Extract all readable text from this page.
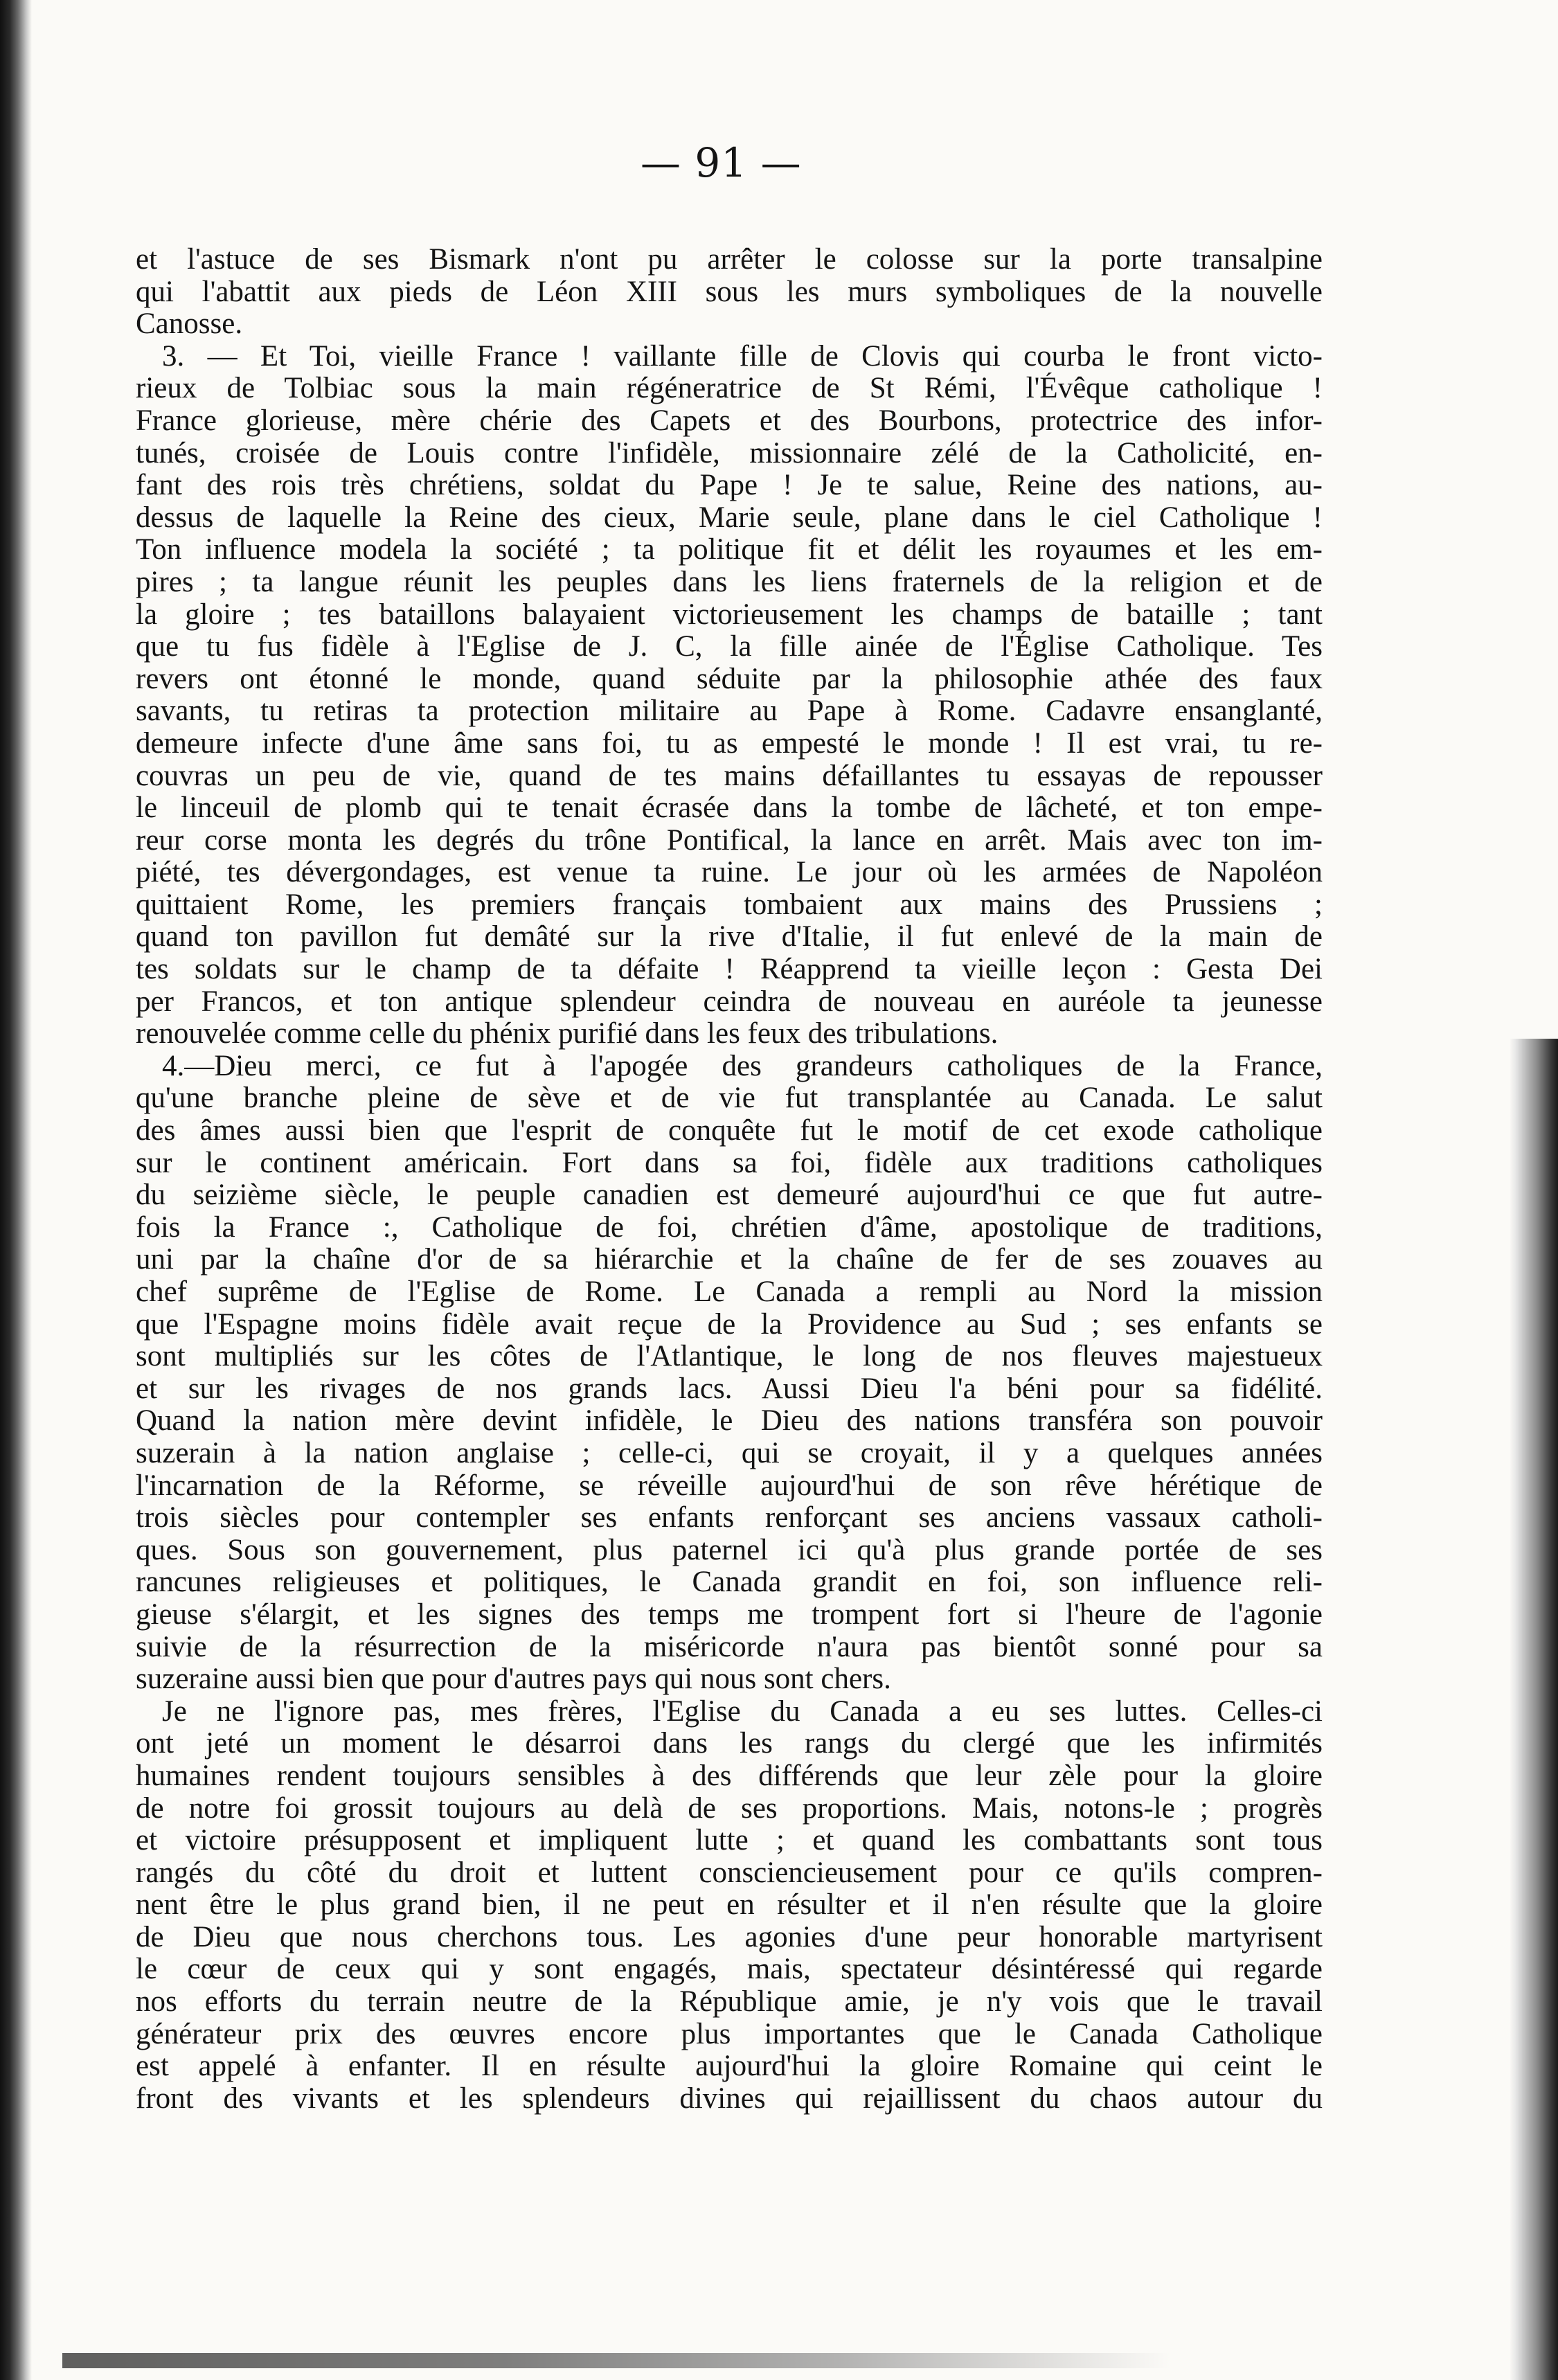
— 91 —
et l'astuce de ses Bismark n'ont pu arrêter le colosse sur la porte transalpine
qui l'abattit aux pieds de Léon XIII sous les murs symboliques de la nouvelle
Canosse.
3. — Et Toi, vieille France ! vaillante fille de Clovis qui courba le front victo-
rieux de Tolbiac sous la main régéneratrice de St Rémi, l'Évêque catholique !
France glorieuse, mère chérie des Capets et des Bourbons, protectrice des infor-
tunés, croisée de Louis contre l'infidèle, missionnaire zélé de la Catholicité, en-
fant des rois très chrétiens, soldat du Pape ! Je te salue, Reine des nations, au-
dessus de laquelle la Reine des cieux, Marie seule, plane dans le ciel Catholique !
Ton influence modela la société ; ta politique fit et délit les royaumes et les em-
pires ; ta langue réunit les peuples dans les liens fraternels de la religion et de
la gloire ; tes bataillons balayaient victorieusement les champs de bataille ; tant
que tu fus fidèle à l'Eglise de J. C, la fille ainée de l'Église Catholique. Tes
revers ont étonné le monde, quand séduite par la philosophie athée des faux
savants, tu retiras ta protection militaire au Pape à Rome. Cadavre ensanglanté,
demeure infecte d'une âme sans foi, tu as empesté le monde ! Il est vrai, tu re-
couvras un peu de vie, quand de tes mains défaillantes tu essayas de repousser
le linceuil de plomb qui te tenait écrasée dans la tombe de lâcheté, et ton empe-
reur corse monta les degrés du trône Pontifical, la lance en arrêt. Mais avec ton im-
piété, tes dévergondages, est venue ta ruine. Le jour où les armées de Napoléon
quittaient Rome, les premiers français tombaient aux mains des Prussiens ;
quand ton pavillon fut demâté sur la rive d'Italie, il fut enlevé de la main de
tes soldats sur le champ de ta défaite ! Réapprend ta vieille leçon : Gesta Dei
per Francos, et ton antique splendeur ceindra de nouveau en auréole ta jeunesse
renouvelée comme celle du phénix purifié dans les feux des tribulations.
4.—Dieu merci, ce fut à l'apogée des grandeurs catholiques de la France,
qu'une branche pleine de sève et de vie fut transplantée au Canada. Le salut
des âmes aussi bien que l'esprit de conquête fut le motif de cet exode catholique
sur le continent américain. Fort dans sa foi, fidèle aux traditions catholiques
du seizième siècle, le peuple canadien est demeuré aujourd'hui ce que fut autre-
fois la France :, Catholique de foi, chrétien d'âme, apostolique de traditions,
uni par la chaîne d'or de sa hiérarchie et la chaîne de fer de ses zouaves au
chef suprême de l'Eglise de Rome. Le Canada a rempli au Nord la mission
que l'Espagne moins fidèle avait reçue de la Providence au Sud ; ses enfants se
sont multipliés sur les côtes de l'Atlantique, le long de nos fleuves majestueux
et sur les rivages de nos grands lacs. Aussi Dieu l'a béni pour sa fidélité.
Quand la nation mère devint infidèle, le Dieu des nations transféra son pouvoir
suzerain à la nation anglaise ; celle-ci, qui se croyait, il y a quelques années
l'incarnation de la Réforme, se réveille aujourd'hui de son rêve hérétique de
trois siècles pour contempler ses enfants renforçant ses anciens vassaux catholi-
ques. Sous son gouvernement, plus paternel ici qu'à plus grande portée de ses
rancunes religieuses et politiques, le Canada grandit en foi, son influence reli-
gieuse s'élargit, et les signes des temps me trompent fort si l'heure de l'agonie
suivie de la résurrection de la miséricorde n'aura pas bientôt sonné pour sa
suzeraine aussi bien que pour d'autres pays qui nous sont chers.
Je ne l'ignore pas, mes frères, l'Eglise du Canada a eu ses luttes. Celles-ci
ont jeté un moment le désarroi dans les rangs du clergé que les infirmités
humaines rendent toujours sensibles à des différends que leur zèle pour la gloire
de notre foi grossit toujours au delà de ses proportions. Mais, notons-le ; progrès
et victoire présupposent et impliquent lutte ; et quand les combattants sont tous
rangés du côté du droit et luttent consciencieusement pour ce qu'ils compren-
nent être le plus grand bien, il ne peut en résulter et il n'en résulte que la gloire
de Dieu que nous cherchons tous. Les agonies d'une peur honorable martyrisent
le cœur de ceux qui y sont engagés, mais, spectateur désintéressé qui regarde
nos efforts du terrain neutre de la République amie, je n'y vois que le travail
générateur prix des œuvres encore plus importantes que le Canada Catholique
est appelé à enfanter. Il en résulte aujourd'hui la gloire Romaine qui ceint le
front des vivants et les splendeurs divines qui rejaillissent du chaos autour du
